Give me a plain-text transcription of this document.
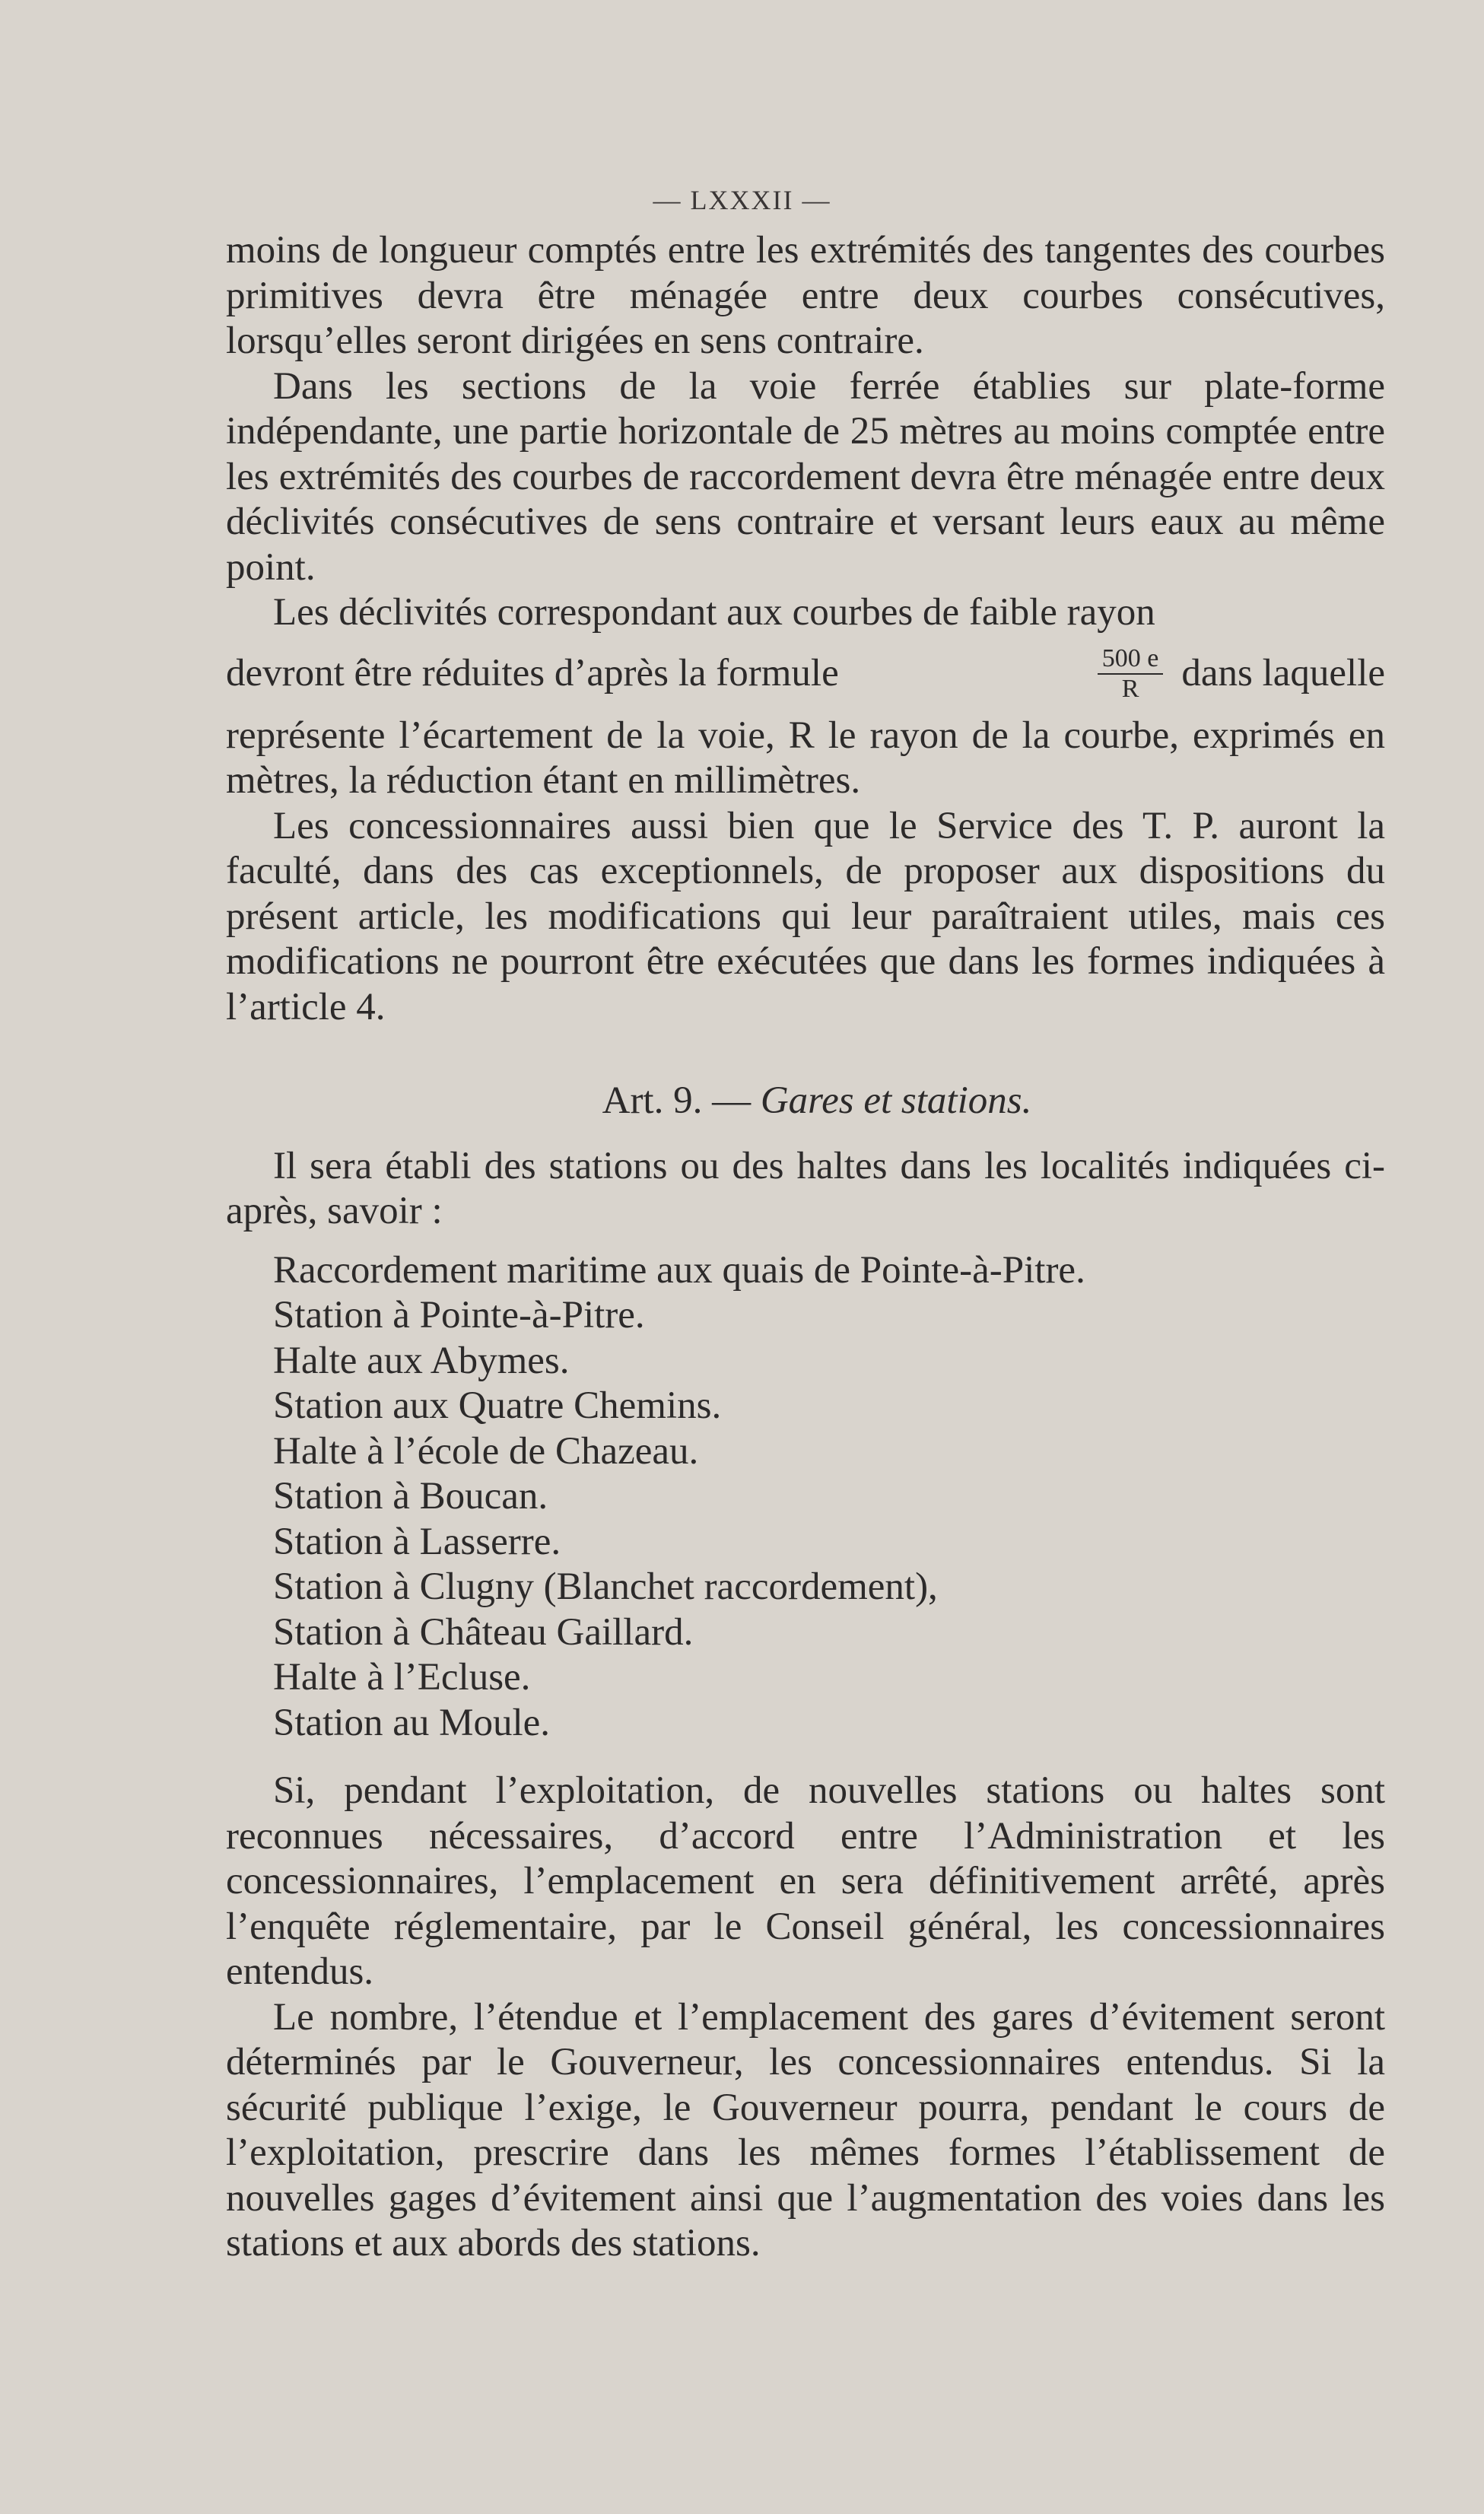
— LXXXII —

moins de longueur comptés entre les extrémités des tangentes des courbes primitives devra être ménagée entre deux courbes consécutives, lorsqu’elles seront dirigées en sens contraire.

Dans les sections de la voie ferrée établies sur plate-forme indépendante, une partie horizontale de 25 mètres au moins comptée entre les extrémités des courbes de raccordement devra être ménagée entre deux déclivités consécutives de sens contraire et versant leurs eaux au même point.

Les déclivités correspondant aux courbes de faible rayon

devront être réduites d’après la formule	$\frac{500 e}{R}$ dans laquelle

représente l’écartement de la voie, R le rayon de la courbe, exprimés en mètres, la réduction étant en millimètres.

Les concessionnaires aussi bien que le Service des T. P. auront la faculté, dans des cas exceptionnels, de proposer aux dispositions du présent article, les modifications qui leur paraîtraient utiles, mais ces modifications ne pourront être exécutées que dans les formes indiquées à l’article 4.

Art. 9. — Gares et stations.

Il sera établi des stations ou des haltes dans les localités indiquées ci-après, savoir :

Raccordement maritime aux quais de Pointe-à-Pitre.
Station à Pointe-à-Pitre.
Halte aux Abymes.
Station aux Quatre Chemins.
Halte à l’école de Chazeau.
Station à Boucan.
Station à Lasserre.
Station à Clugny (Blanchet raccordement),
Station à Château Gaillard.
Halte à l’Ecluse.
Station au Moule.

Si, pendant l’exploitation, de nouvelles stations ou haltes sont reconnues nécessaires, d’accord entre l’Administration et les concessionnaires, l’emplacement en sera définitivement arrêté, après l’enquête réglementaire, par le Conseil général, les concessionnaires entendus.

Le nombre, l’étendue et l’emplacement des gares d’évitement seront déterminés par le Gouverneur, les concessionnaires entendus. Si la sécurité publique l’exige, le Gouverneur pourra, pendant le cours de l’exploitation, prescrire dans les mêmes formes l’établissement de nouvelles gages d’évitement ainsi que l’augmentation des voies dans les stations et aux abords des stations.
